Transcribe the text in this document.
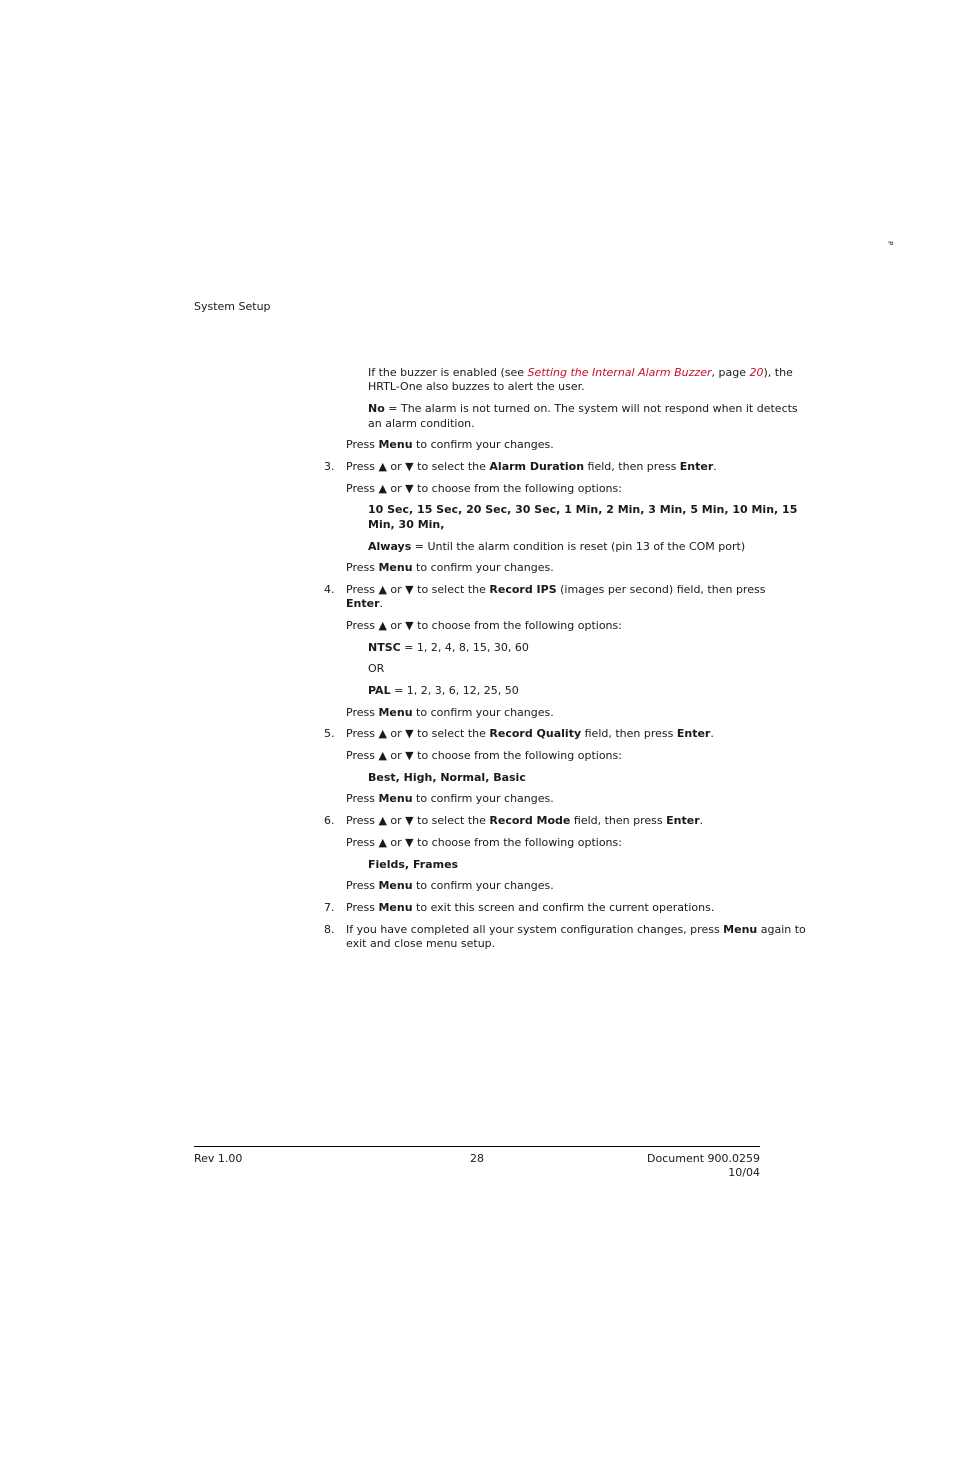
P
System Setup
If the buzzer is enabled (see Setting the Internal Alarm Buzzer, page 20), the
HRTL-One also buzzes to alert the user.
No = The alarm is not turned on. The system will not respond when it detects
an alarm condition.
Press Menu to confirm your changes.
3. Press ▲ or ▼ to select the Alarm Duration field, then press Enter.
Press ▲ or ▼ to choose from the following options:
10 Sec, 15 Sec, 20 Sec, 30 Sec, 1 Min, 2 Min, 3 Min, 5 Min, 10 Min, 15
Min, 30 Min,
Always = Until the alarm condition is reset (pin 13 of the COM port)
Press Menu to confirm your changes.
4. Press ▲ or ▼ to select the Record IPS (images per second) field, then press
Enter.
Press ▲ or ▼ to choose from the following options:
NTSC = 1, 2, 4, 8, 15, 30, 60
OR
PAL = 1, 2, 3, 6, 12, 25, 50
Press Menu to confirm your changes.
5. Press ▲ or ▼ to select the Record Quality field, then press Enter.
Press ▲ or ▼ to choose from the following options:
Best, High, Normal, Basic
Press Menu to confirm your changes.
6. Press ▲ or ▼ to select the Record Mode field, then press Enter.
Press ▲ or ▼ to choose from the following options:
Fields, Frames
Press Menu to confirm your changes.
7. Press Menu to exit this screen and confirm the current operations.
8. If you have completed all your system configuration changes, press Menu again to
exit and close menu setup.
Rev 1.00	28	Document 900.0259
10/04
